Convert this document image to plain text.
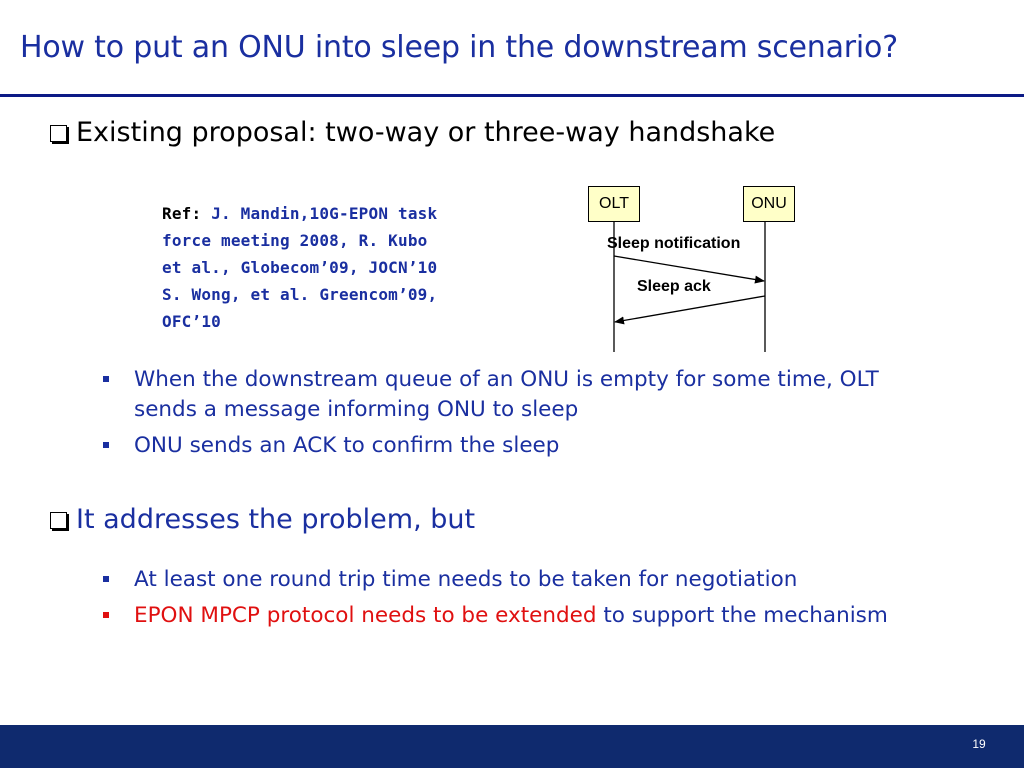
How to put an ONU into sleep in the downstream scenario?
Existing proposal: two-way or three-way handshake
Ref: J. Mandin,10G-EPON task
force meeting 2008, R. Kubo
et al., Globecom’09, JOCN’10
S. Wong, et al. Greencom’09,
OFC’10
OLT	ONU
Sleep notification
Sleep ack
When the downstream queue of an ONU is empty for some time, OLT sends a message informing ONU to sleep
ONU sends an ACK to confirm the sleep
It addresses the problem, but
At least one round trip time needs to be taken for negotiation
EPON MPCP protocol needs to be extended to support the mechanism
19
